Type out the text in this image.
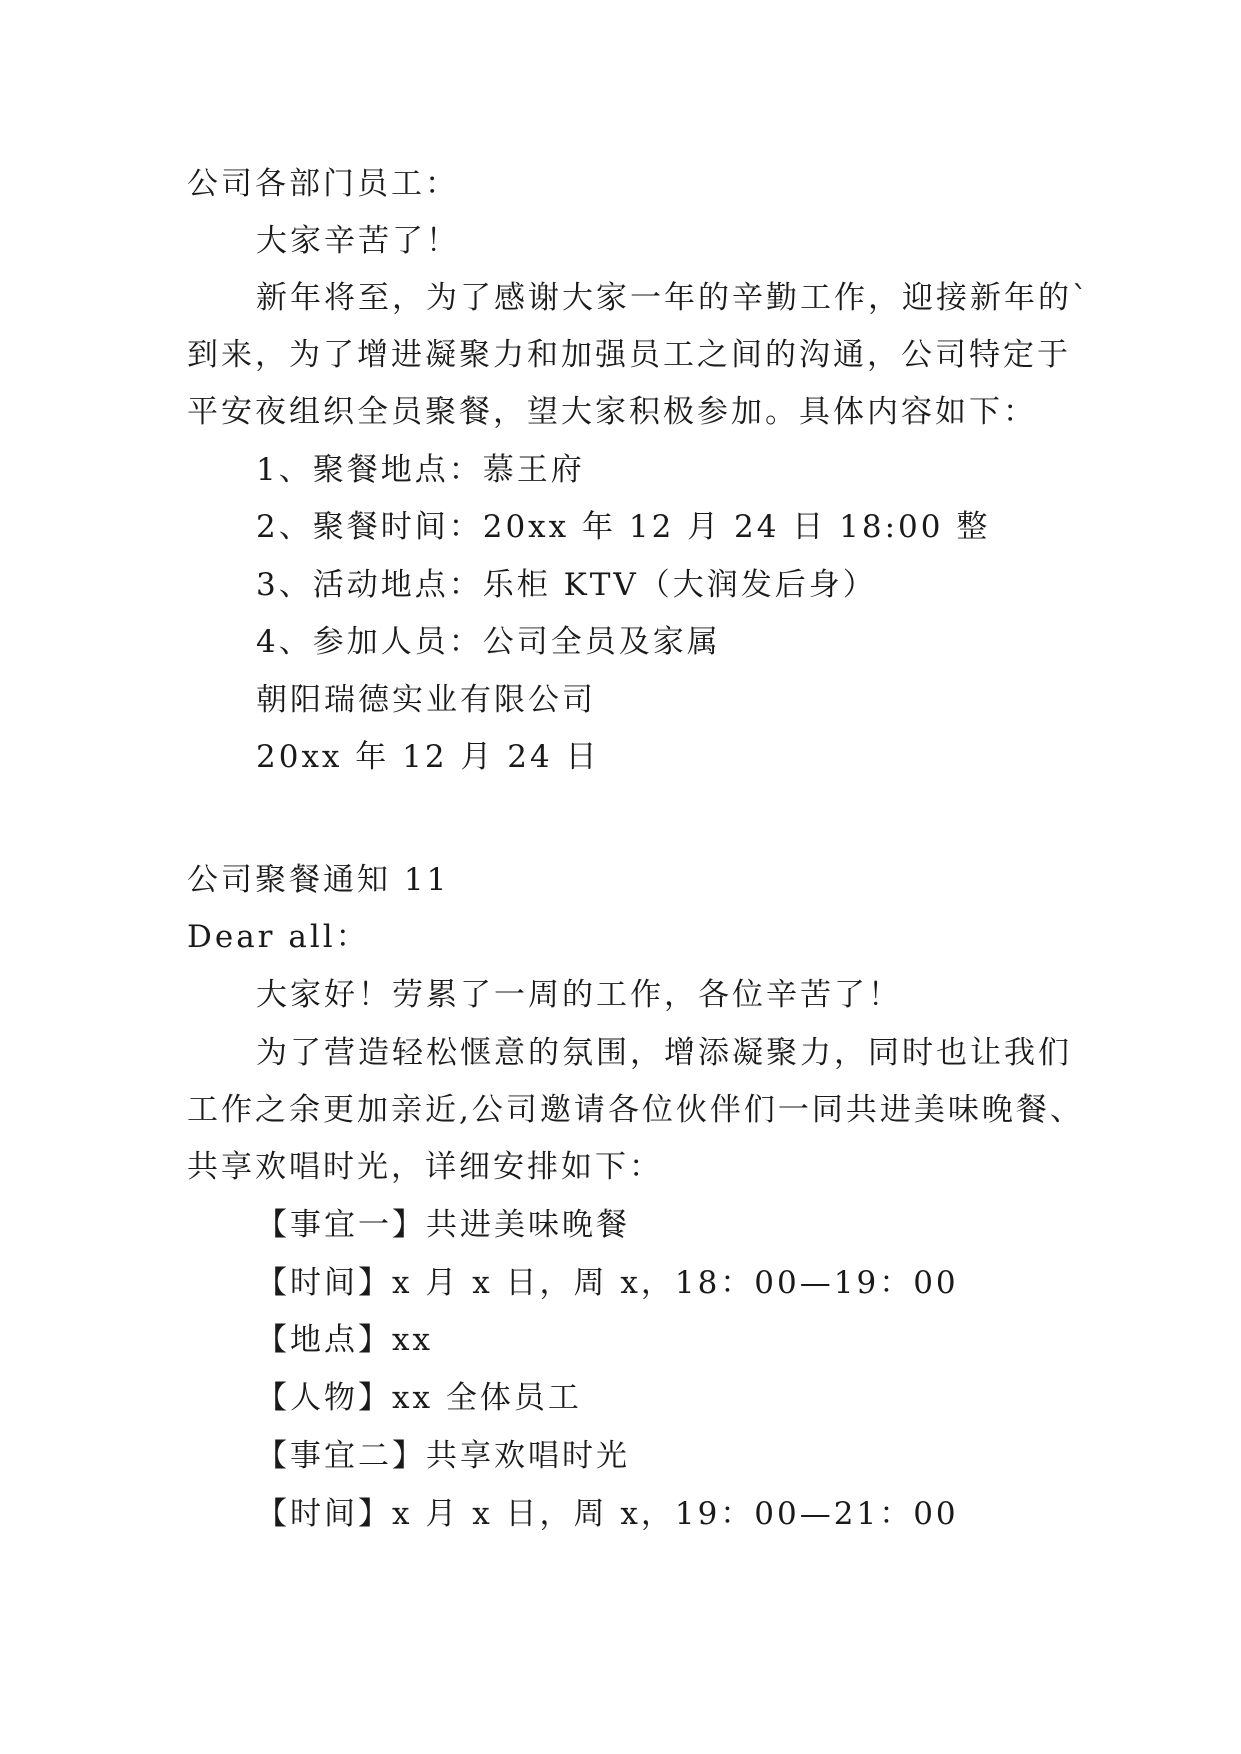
公司各部门员工：
大家辛苦了！
新年将至，为了感谢大家一年的辛勤工作，迎接新年的`
到来，为了增进凝聚力和加强员工之间的沟通，公司特定于
平安夜组织全员聚餐，望大家积极参加。具体内容如下：
1、聚餐地点：慕王府
2、聚餐时间：20xx 年 12 月 24 日 18:00 整
3、活动地点：乐柜 KTV（大润发后身）
4、参加人员：公司全员及家属
朝阳瑞德实业有限公司
20xx 年 12 月 24 日
公司聚餐通知 11
Dear all：
大家好！劳累了一周的工作，各位辛苦了！
为了营造轻松惬意的氛围，增添凝聚力，同时也让我们
工作之余更加亲近,公司邀请各位伙伴们一同共进美味晚餐、
共享欢唱时光，详细安排如下：
【事宜一】共进美味晚餐
【时间】x 月 x 日，周 x，18：00—19：00
【地点】xx
【人物】xx 全体员工
【事宜二】共享欢唱时光
【时间】x 月 x 日，周 x，19：00—21：00
